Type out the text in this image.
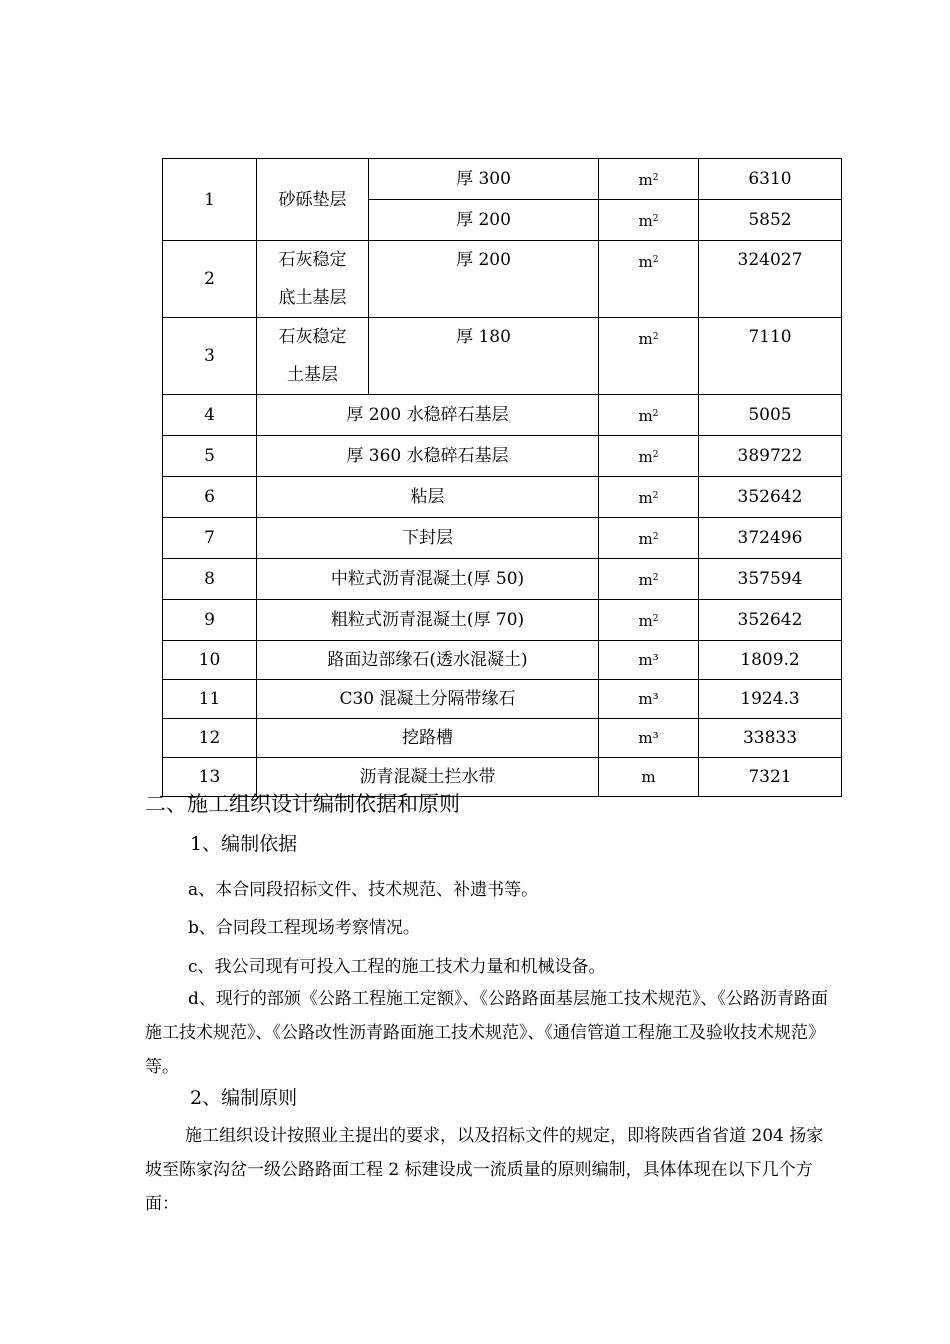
1	砂砾垫层	厚 300	$m^2$	6310
		厚 200	$m^2$	5852
2	石灰稳定
底土基层	厚 200	$m^2$	324027
3	石灰稳定
土基层	厚 180	$m^2$	7110
4	厚 200 水稳碎石基层		$m^2$	5005
5	厚 360 水稳碎石基层		$m^2$	389722
6	粘层		$m^2$	352642
7	下封层		$m^2$	372496
8	中粒式沥青混凝土(厚 50)		$m^2$	357594
9	粗粒式沥青混凝土(厚 70)		$m^2$	352642
10	路面边部缘石(透水混凝土)		m³	1809.2
11	C30 混凝土分隔带缘石		m³	1924.3
12	挖路槽		m³	33833
13	沥青混凝土拦水带		m	7321
二、施工组织设计编制依据和原则
1、编制依据
a、本合同段招标文件、技术规范、补遗书等。
b、合同段工程现场考察情况。
c、我公司现有可投入工程的施工技术力量和机械设备。
d、现行的部颁《公路工程施工定额》、《公路路面基层施工技术规范》、《公路沥青路面施工技术规范》、《公路改性沥青路面施工技术规范》、《通信管道工程施工及验收技术规范》等。
2、编制原则
施工组织设计按照业主提出的要求，以及招标文件的规定，即将陕西省省道 204 扬家坡至陈家沟岔一级公路路面工程 2 标建设成一流质量的原则编制，具体体现在以下几个方面：
